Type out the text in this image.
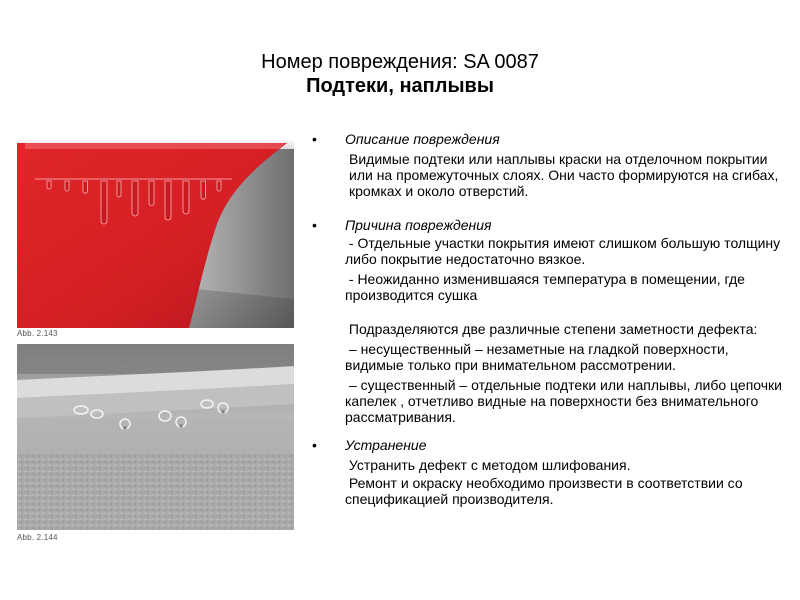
Номер повреждения: SA 0087
Подтеки, наплывы
Abb. 2.143
Abb. 2.144
•	Описание повреждения
Видимые подтеки или наплывы краски на отделочном покрытии или на промежуточных слоях. Они часто формируются на сгибах, кромках и около отверстий.
•	Причина повреждения
- Отдельные участки покрытия имеют слишком большую толщину либо покрытие недостаточно вязкое.
- Неожиданно изменившаяся температура в помещении, где производится сушка
Подразделяются две различные степени заметности дефекта:
– несущественный – незаметные на гладкой поверхности, видимые только при внимательном рассмотрении.
– существенный – отдельные подтеки или наплывы, либо цепочки капелек , отчетливо видные на поверхности без внимательного рассматривания.
•	Устранение
Устранить дефект с методом шлифования.
Ремонт и окраску необходимо произвести в соответствии со спецификацией производителя.
